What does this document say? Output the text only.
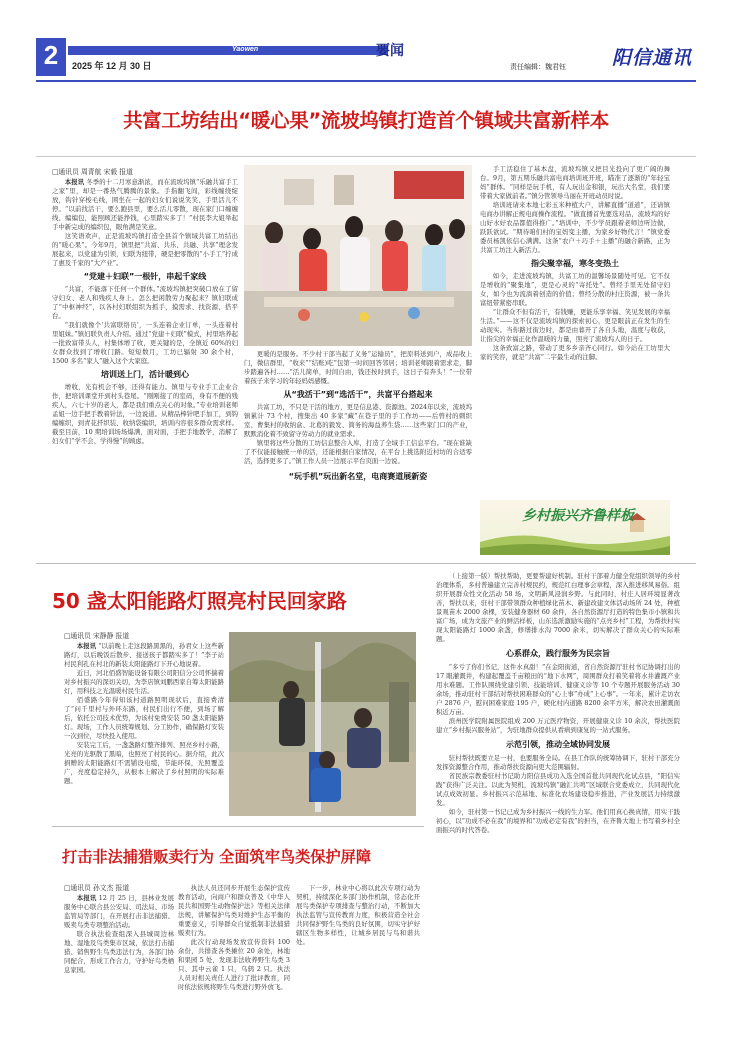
2	Yaowen
2025 年 12 月 30 日
要闻
责任编辑：魏君钰 阳信通讯
共富工坊结出“暖心果”流坡坞镇打造首个镇域共富新样本
□通讯员 周青航 宋毅 报道

本报讯 冬季的十二月寒意渐浓，而在流坡坞镇“乐融共富手工之家”里，却是一番热气腾腾的景象。手指翻飞间，彩线缠绕绽放，钩针穿梭毛线，围坐在一起的妇女们说说笑笑、手里活儿不停。“以前找活干，要么跑县里，要么活儿零散，现在家门口缠缠线、编编包，能照顾还能挣钱，心里踏实多了！”村民李大姐举起手中新完成的编织包，眼角满是笑意。

这笑语欢声，正是流坡坞镇打造全县首个镇域共富工坊结出的“暖心果”。今年9月，镇里把“共富、共乐、共融、共享”理念发展起来，以党建为引领，妇联为纽带，硬是把零散的“小手工”拧成了惠及千家的“大产业”。

“党建＋妇联”一根针，串起千家线

“共富，不能落下任何一个群体。”流坡坞镇把突破口放在了留守妇女、老人和残疾人身上。怎么把闲散劳力聚起来？镇妇联成了“中枢神经”，以各村妇联组织为抓手，摸需求、找资源、搭平台。

“我们就像个‘共富联络员’，一头连着企业订单，一头连着村里姐妹。”镇妇联负责人介绍。通过“党建＋妇联”模式，村里培养起一批致富带头人，村集体增了收，更关键的是，全镇近 60%的妇女群众找到了增收门路。短短数月，工坊已辐射 30 余个村，1500 多名“家人”融入这个大家庭。

培训送上门，活计暖到心

增收，光有机会不够，还得有能力。镇里与专业手工企业合作，把培训课堂开到村头巷尾。“刚刚接了的室码，身有不便的残疾人，六七十岁的老人，都是我们重点关心的对象。”专业培训老师孟姐一边手把手教着针法，一边说道。从精品棒针吧手加工，到钩编缠织，到青花扦织装、收纳袋编织，培训内容很多群众需求样。截至目前，10 期培训场场爆满，面对面，手把手地教学，消解了妇女们“学不会、学得慢”的顾虑。

更暖的是服务。不少村干部当起了义务“运输员”，把原料送到户，成品收上门，微信群里，“收来”“结账)吃”包第一时间回答邻居；培训老师跟着需求走，脚步踏遍各村……“活儿简单，时间自由，钱还按时到手，这日子有奔头！”一位带着孩子来学习的年轻妈妈感慨。

从“我活干”到“选活干”，共富平台搭起来

共富工坊，不只是干活的地方，更是信息港、资源池。2024年以来，流坡坞镇累计 73 个村，搜集出 40 多家“藏”在巷子里的手工作坊——后曾村的刺织室、曹集村的收纳盒、北葛的毅发、简务的海益养生袋……这些家门口的产业，默默消化着不致留守劳动力的就业需求。

镇里将这些分散的工坊信息整合入库，打造了全域手工信息平台。“现在谁缺了不仅能接触统一单的活，还能根据自家情况，在平台上挑选附近村坊的合适零活，选择更多了。”镇工作人员一边展示平台页面一边说。

“玩手机”玩出新名堂，电商赛道展新姿

手工活稳住了基本盘，流坡坞镇又把目光投向了更广阔的舞台。9月，第五期乐融共富电商培训班开班，瞄准了逐渐的“年轻宝妈”群体。“同样是玩手机，有人玩出金和银，玩出大名堂，我们要带着大家做前者。”镇分管领导马丽在开班动员时说。

培训班请来本地七彩玉米种植大户，讲解直播“道道”，还请镇电商办讲解正规电商操作流程。“做直播首先要选对品，流坡坞的好山好水好农品都值得推广。”培训中，不少学员跟着老师边听边做，跃跃欲试。“期待咱们村的宝妈变主播，为家乡好物代言！”镇党委委员杨凯依信心满满。这条“农户＋巧手＋主播”的融合新路，正为共富工坊注入新活力。

指尖聚幸福，寒冬变热土

如今，走进流坡坞镇，共富工坊的温馨场景随处可见。它不仅是增收的“聚集地”，更是心灵的“寄托处”。曾经手里无处留守妇女，如今也为流淌着创造的价值；曾经分散的村庄资源，被一条共富纽带紧密串联。

“让群众不但有活干，有钱赚，更能乐享幸福、笑见发展的幸福生活。”——这不仅是流坡坞镇的探索初心，更是眼前正在发生的生动现实。当你路过街边时，都是由暮开了各自头地，温度与收获，让指尖的幸福正化作温暖的力量，照亮了流坡坞人的日子。

这条致富之路，带动了更多乡亲齐心同行。如今站在工坊里大家的笑容，就是“共富”二字最生动的注脚。

乡村振兴齐鲁样板
50 盏太阳能路灯照亮村民回家路
□通讯员 宋静静 报道

本报讯 “以前晚上走这段路黑黑的，孙君女上这些新路灯，以后晚饭后散步、接送孩子都踏实多了！”李子站村民利孔在村北的新装太阳能路灯下开心地说着。

近日，河北佰盛智能设备有限公司阳信分公司怀揣着对乡村振兴的深切关切，为李店镇刘鹏西家自筹太阳能路灯，用科技之光温暖村民生活。

佰盛路今年得知该村道路照明现状后，直接费清了“问千里村与外环东路，村民们出行不便，到场了解后，依托公司技术优势，为该村免费安装 50 盏太阳能路灯。现场，工作人员统筹规划、分工协作，确保路灯安装一次到位，尽快投入使用。

安装完工后，一盏盏路灯整齐排列、照亮乡村小路，光亮的光驱散了黑暗，也照亮了村民的心。据介绍，此次捐赠的太阳能路灯不需铺设电缆，节能环保，光照覆盖广，亮度稳定持久，从根本上解决了乡村照明的实际难题。

（上接第一版）帮扶帮助，更要帮建好机制。驻村干部着力健全党组织领导的乡村治理体系，多村普遍建立完善村规民约，规范红白理事会章程，深入推进移风易俗。组织开展群众性文化活动 58 场，文明新风浸润乡野。与此同时，村庄人居环境显著改善，帮扶以来，驻村干部带领群众种植绿化苗木、新建改建文体活动场所 24 处，种植景观苗木 2000 余棵，安装健身器材 60 余件，各自然资源厅打造的特色集市小镇和共富广场，成为文旅产业的鲜活样板，山东选派激励实施的“点亮乡村”工程，为帮扶村实现太阳能路灯 1000 余盏，修缮排水沟 7000 余米，切实解决了群众关心的实际难题。

心系群众，践行服务为民宗旨

“多亏了你们书记，这件水真甜！”在金阳街道，省自然资源厅驻村书记协调打出的 17 眼灌溉井，构建起覆盖千亩粮田的“地下水网”，周围群众打着笑着将水井灌溉产业用水难题。工作队围绕党建引领、技能培训、健康义诊等 10 个专题开展服务活动 30 余场，推动驻村干部结对帮扶困难群众的“心上事”办成“上心事”。一年来，累计走访农户 2876 户，慰问困难家庭 195 户，硬化村内道路 8200 余平方米，解决农田灌溉面积近万亩。

滨州医学院附属医院组成 200 万元医疗物资，开展健康义诊 10 余次，帮扶医院建立“乡村振兴服务站”，为驻地群众提供从看病到康复的一站式服务。

示范引领，推动全域协同发展

驻村帮扶既要立足一村，也要服务全局。在县工作队的统筹协调下，驻村干部充分发挥资源整合作用，推动帮扶资源向更大范围辐射。

省民族宗教委驻村书记助力阳信县成功入选全国首批共同现代化试点县，“阳信实践”获得广泛关注。以此为契机，流坡坞镇“融汇共鸣”区域联合党委成立，共同现代化试点成效初显。乡村振兴示范基地、标准化农场建设稳步推进，产业发展活力持续激发。

如今，驻村第一书记已成为乡村振兴一线的生力军。他们用真心换真情，用实干践初心，以“功成不必在我”的境界和“功成必定有我”的担当，在齐鲁大地上书写着乡村全面振兴的时代答卷。

打击非法捕猎贩卖行为 全面筑牢鸟类保护屏障
□通讯员 孙文杰 报道

本报讯 12 月 25 日，县林业发展服务中心联合县公安局、司法局、市场监管局等部门，在开展打击非法捕猎、贩卖鸟类专项整治活动。

联合执法检查组深入县城周边林地、湿地及鸟类集市区域，依法打击捕猎、销售野生鸟类违法行为，各部门协同配合，形成工作合力，守护好鸟类栖息家园。

执法人员还同步开展生态保护宣传教育活动，向商户和群众普及《中华人民共和国野生动物保护法》等相关法律法规，讲解保护鸟类对维护生态平衡的重要意义，引导群众自觉抵制非法捕猎贩卖行为。

此次行动现场发放宣传资料 100 余份，共排查各类摊位 20 余处，林地和果园 5 处，发现非法收养野生鸟类 3 只、其中云雀 1 只，乌鸫 2 只。执法人员对相关责任人进行了批评教育，同时依法依规将野生鸟类进行野外放飞。

下一步，林业中心将以此次专项行动为契机，持续深化多部门协作机制，常态化开展鸟类保护专项排查与整治行动，不断加大执法监管与宣传教育力度，积极营造全社会共同保护野生鸟类的良好氛围，切实守护好辖区生物多样性，让城乡居民与鸟和谐共处。
